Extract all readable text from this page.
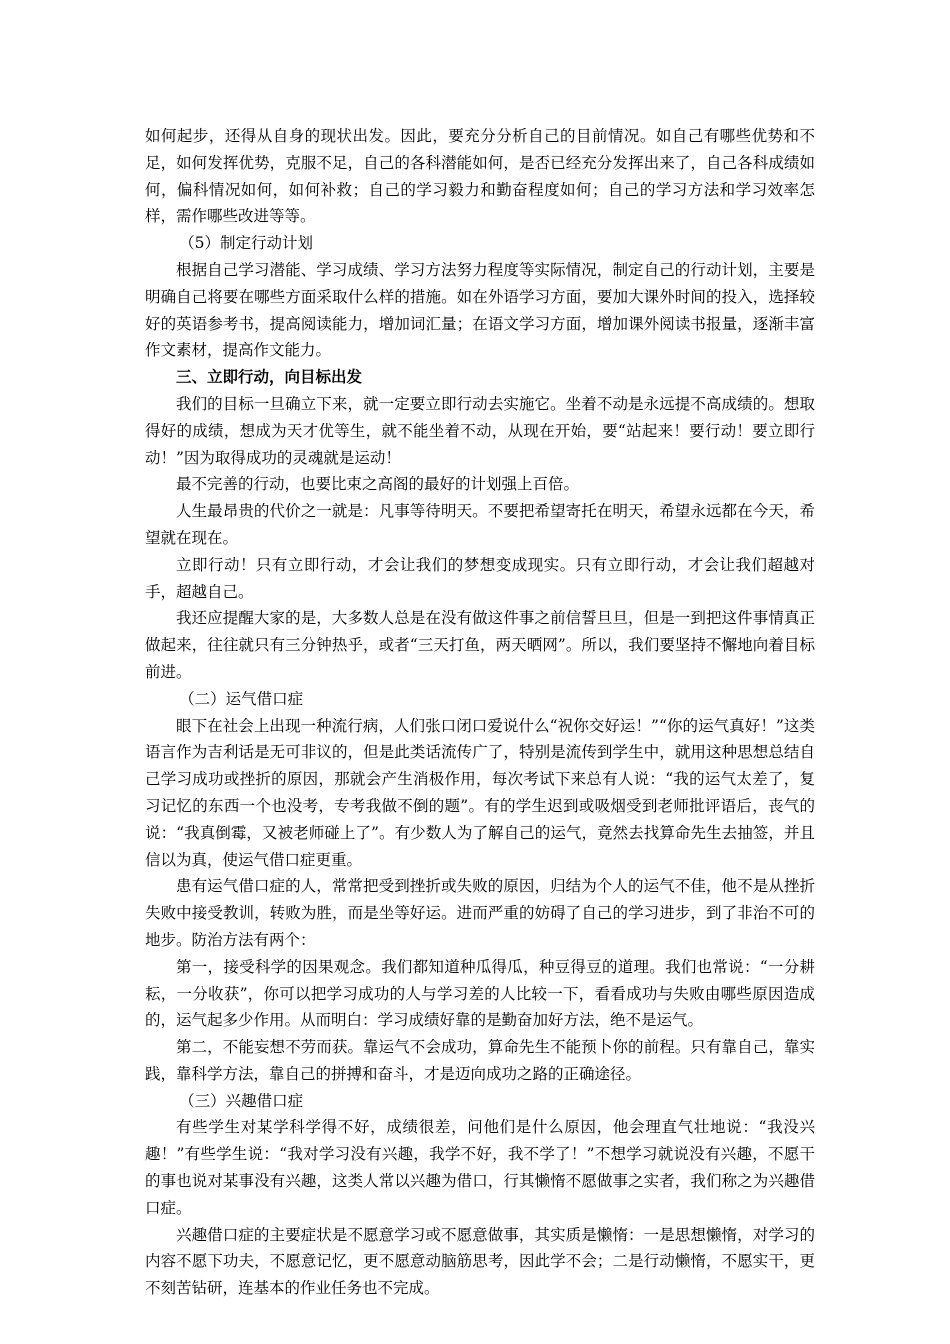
如何起步，还得从自身的现状出发。因此，要充分分析自己的目前情况。如自己有哪些优势和不足，如何发挥优势，克服不足，自己的各科潜能如何，是否已经充分发挥出来了，自己各科成绩如何，偏科情况如何，如何补救；自己的学习毅力和勤奋程度如何；自己的学习方法和学习效率怎样，需作哪些改进等等。

（5）制定行动计划

根据自己学习潜能、学习成绩、学习方法努力程度等实际情况，制定自己的行动计划，主要是明确自己将要在哪些方面采取什么样的措施。如在外语学习方面，要加大课外时间的投入，选择较好的英语参考书，提高阅读能力，增加词汇量；在语文学习方面，增加课外阅读书报量，逐渐丰富作文素材，提高作文能力。

三、立即行动，向目标出发

我们的目标一旦确立下来，就一定要立即行动去实施它。坐着不动是永远提不高成绩的。想取得好的成绩，想成为天才优等生，就不能坐着不动，从现在开始，要“站起来！要行动！要立即行动！”因为取得成功的灵魂就是运动！

最不完善的行动，也要比束之高阁的最好的计划强上百倍。

人生最昂贵的代价之一就是：凡事等待明天。不要把希望寄托在明天，希望永远都在今天，希望就在现在。

立即行动！只有立即行动，才会让我们的梦想变成现实。只有立即行动，才会让我们超越对手，超越自己。

我还应提醒大家的是，大多数人总是在没有做这件事之前信誓旦旦，但是一到把这件事情真正做起来，往往就只有三分钟热乎，或者“三天打鱼，两天晒网”。所以，我们要坚持不懈地向着目标前进。

（二）运气借口症

眼下在社会上出现一种流行病，人们张口闭口爱说什么“祝你交好运！”“你的运气真好！”这类语言作为吉利话是无可非议的，但是此类话流传广了，特别是流传到学生中，就用这种思想总结自己学习成功或挫折的原因，那就会产生消极作用，每次考试下来总有人说：“我的运气太差了，复习记忆的东西一个也没考，专考我做不倒的题”。有的学生迟到或吸烟受到老师批评语后，丧气的说：“我真倒霉，又被老师碰上了”。有少数人为了解自己的运气，竟然去找算命先生去抽签，并且信以为真，使运气借口症更重。

患有运气借口症的人，常常把受到挫折或失败的原因，归结为个人的运气不佳，他不是从挫折失败中接受教训，转败为胜，而是坐等好运。进而严重的妨碍了自己的学习进步，到了非治不可的地步。防治方法有两个：

第一，接受科学的因果观念。我们都知道种瓜得瓜，种豆得豆的道理。我们也常说：“一分耕耘，一分收获”，你可以把学习成功的人与学习差的人比较一下，看看成功与失败由哪些原因造成的，运气起多少作用。从而明白：学习成绩好靠的是勤奋加好方法，绝不是运气。

第二，不能妄想不劳而获。靠运气不会成功，算命先生不能预卜你的前程。只有靠自己，靠实践，靠科学方法，靠自己的拼搏和奋斗，才是迈向成功之路的正确途径。

（三）兴趣借口症

有些学生对某学科学得不好，成绩很差，问他们是什么原因，他会理直气壮地说：“我没兴趣！”有些学生说：“我对学习没有兴趣，我学不好，我不学了！”不想学习就说没有兴趣，不愿干的事也说对某事没有兴趣，这类人常以兴趣为借口，行其懒惰不愿做事之实者，我们称之为兴趣借口症。

兴趣借口症的主要症状是不愿意学习或不愿意做事，其实质是懒惰：一是思想懒惰，对学习的内容不愿下功夫，不愿意记忆，更不愿意动脑筋思考，因此学不会；二是行动懒惰，不愿实干，更不刻苦钻研，连基本的作业任务也不完成。
